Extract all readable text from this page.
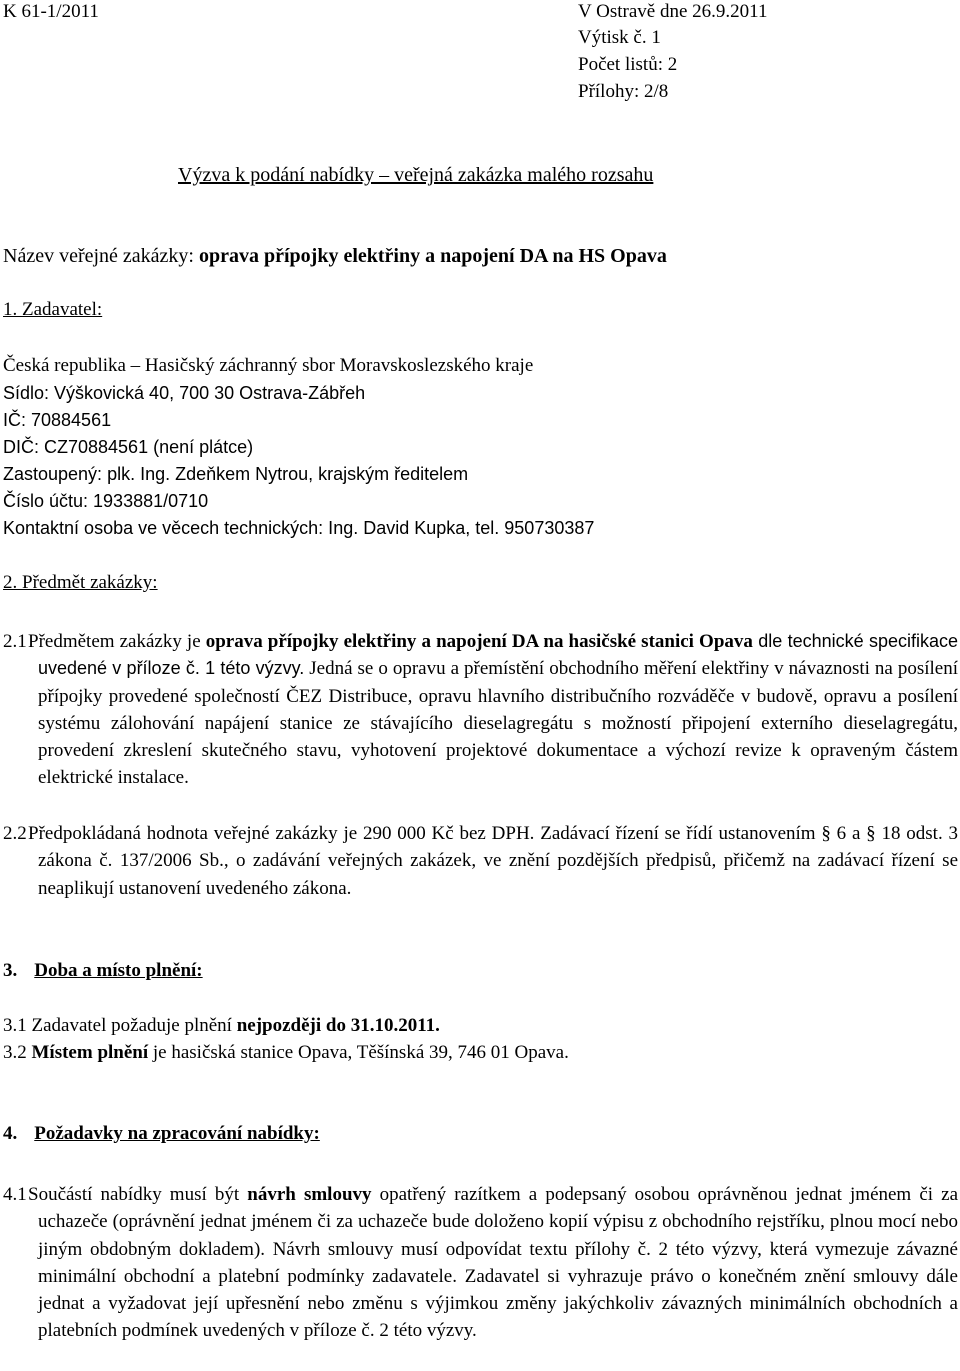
K 61-1/2011	V Ostravě dne 26.9.2011
Výtisk č. 1
Počet listů: 2
Přílohy: 2/8
Výzva k podání nabídky – veřejná zakázka malého rozsahu
Název veřejné zakázky: oprava přípojky elektřiny a napojení DA na HS Opava
1. Zadavatel:
Česká republika – Hasičský záchranný sbor Moravskoslezského kraje
Sídlo: Výškovická 40, 700 30 Ostrava-Zábřeh
IČ: 70884561
DIČ: CZ70884561 (není plátce)
Zastoupený: plk. Ing. Zdeňkem Nytrou, krajským ředitelem
Číslo účtu: 1933881/0710
Kontaktní osoba ve věcech technických: Ing. David Kupka, tel. 950730387
2. Předmět zakázky:
2.1 Předmětem zakázky je oprava přípojky elektřiny a napojení DA na hasičské stanici Opava dle technické specifikace uvedené v příloze č. 1 této výzvy. Jedná se o opravu a přemístění obchodního měření elektřiny v návaznosti na posílení přípojky provedené společností ČEZ Distribuce, opravu hlavního distribučního rozváděče v budově, opravu a posílení systému zálohování napájení stanice ze stávajícího dieselagregátu s možností připojení externího dieselagregátu, provedení zkreslení skutečného stavu, vyhotovení projektové dokumentace a výchozí revize k opraveným částem elektrické instalace.
2.2 Předpokládaná hodnota veřejné zakázky je 290 000 Kč bez DPH. Zadávací řízení se řídí ustanovením § 6 a § 18 odst. 3 zákona č. 137/2006 Sb., o zadávání veřejných zakázek, ve znění pozdějších předpisů, přičemž na zadávací řízení se neaplikují ustanovení uvedeného zákona.
3. Doba a místo plnění:
3.1 Zadavatel požaduje plnění nejpozději do 31.10.2011.
3.2 Místem plnění je hasičská stanice Opava, Těšínská 39, 746 01 Opava.
4. Požadavky na zpracování nabídky:
4.1 Součástí nabídky musí být návrh smlouvy opatřený razítkem a podepsaný osobou oprávněnou jednat jménem či za uchazeče (oprávnění jednat jménem či za uchazeče bude doloženo kopií výpisu z obchodního rejstříku, plnou mocí nebo jiným obdobným dokladem). Návrh smlouvy musí odpovídat textu přílohy č. 2 této výzvy, která vymezuje závazné minimální obchodní a platební podmínky zadavatele. Zadavatel si vyhrazuje právo o konečném znění smlouvy dále jednat a vyžadovat její upřesnění nebo změnu s výjimkou změny jakýchkoliv závazných minimálních obchodních a platebních podmínek uvedených v příloze č. 2 této výzvy.
